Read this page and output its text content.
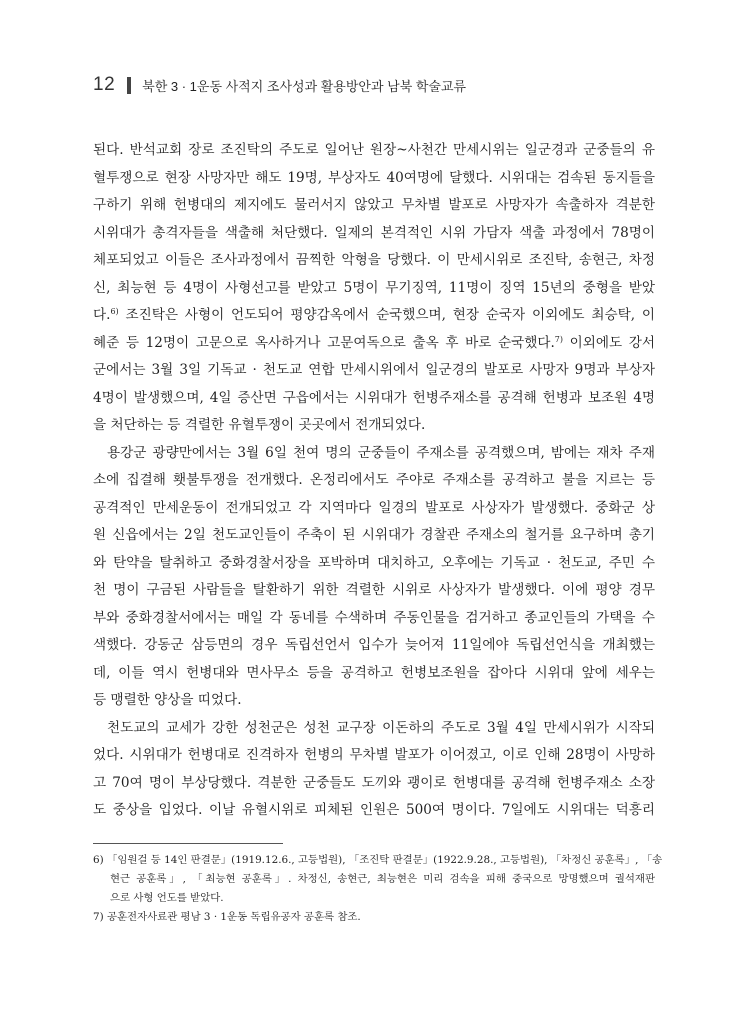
12 북한 3 · 1운동 사적지 조사성과 활용방안과 남북 학술교류
된다. 반석교회 장로 조진탁의 주도로 일어난 원장~사천간 만세시위는 일군경과 군중들의 유
혈투쟁으로 현장 사망자만 해도 19명, 부상자도 40여명에 달했다. 시위대는 검속된 동지들을
구하기 위해 헌병대의 제지에도 물러서지 않았고 무차별 발포로 사망자가 속출하자 격분한
시위대가 총격자들을 색출해 처단했다. 일제의 본격적인 시위 가담자 색출 과정에서 78명이
체포되었고 이들은 조사과정에서 끔찍한 악형을 당했다. 이 만세시위로 조진탁, 송현근, 차정
신, 최능현 등 4명이 사형선고를 받았고 5명이 무기징역, 11명이 징역 15년의 중형을 받았
다.$^{6)}$ 조진탁은 사형이 언도되어 평양감옥에서 순국했으며, 현장 순국자 이외에도 최승탁, 이
혜준 등 12명이 고문으로 옥사하거나 고문여독으로 출옥 후 바로 순국했다.$^{7)}$ 이외에도 강서
군에서는 3월 3일 기독교 · 천도교 연합 만세시위에서 일군경의 발포로 사망자 9명과 부상자
4명이 발생했으며, 4일 증산면 구읍에서는 시위대가 헌병주재소를 공격해 헌병과 보조원 4명
을 처단하는 등 격렬한 유혈투쟁이 곳곳에서 전개되었다.
용강군 광량만에서는 3월 6일 천여 명의 군중들이 주재소를 공격했으며, 밤에는 재차 주재
소에 집결해 횃불투쟁을 전개했다. 온정리에서도 주야로 주재소를 공격하고 불을 지르는 등
공격적인 만세운동이 전개되었고 각 지역마다 일경의 발포로 사상자가 발생했다. 중화군 상
원 신읍에서는 2일 천도교인들이 주축이 된 시위대가 경찰관 주재소의 철거를 요구하며 총기
와 탄약을 탈취하고 중화경찰서장을 포박하며 대치하고, 오후에는 기독교 · 천도교, 주민 수
천 명이 구금된 사람들을 탈환하기 위한 격렬한 시위로 사상자가 발생했다. 이에 평양 경무
부와 중화경찰서에서는 매일 각 동네를 수색하며 주동인물을 검거하고 종교인들의 가택을 수
색했다. 강동군 삼등면의 경우 독립선언서 입수가 늦어져 11일에야 독립선언식을 개최했는
데, 이들 역시 헌병대와 면사무소 등을 공격하고 헌병보조원을 잡아다 시위대 앞에 세우는
등 맹렬한 양상을 띠었다.
천도교의 교세가 강한 성천군은 성천 교구장 이돈하의 주도로 3월 4일 만세시위가 시작되
었다. 시위대가 헌병대로 진격하자 헌병의 무차별 발포가 이어졌고, 이로 인해 28명이 사망하
고 70여 명이 부상당했다. 격분한 군중들도 도끼와 괭이로 헌병대를 공격해 헌병주재소 소장
도 중상을 입었다. 이날 유혈시위로 피체된 인원은 500여 명이다. 7일에도 시위대는 덕흥리
6) 「임원걸 등 14인 판결문」(1919.12.6., 고등법원), 「조진탁 판결문」(1922.9.28., 고등법원), 「차정신 공훈록」, 「송
현근 공훈록」, 「최능현 공훈록」. 차정신, 송현근, 최능현은 미리 검속을 피해 중국으로 망명했으며 궐석재판
으로 사형 언도를 받았다.
7) 공훈전자사료관 평남 3 · 1운동 독립유공자 공훈록 참조.
